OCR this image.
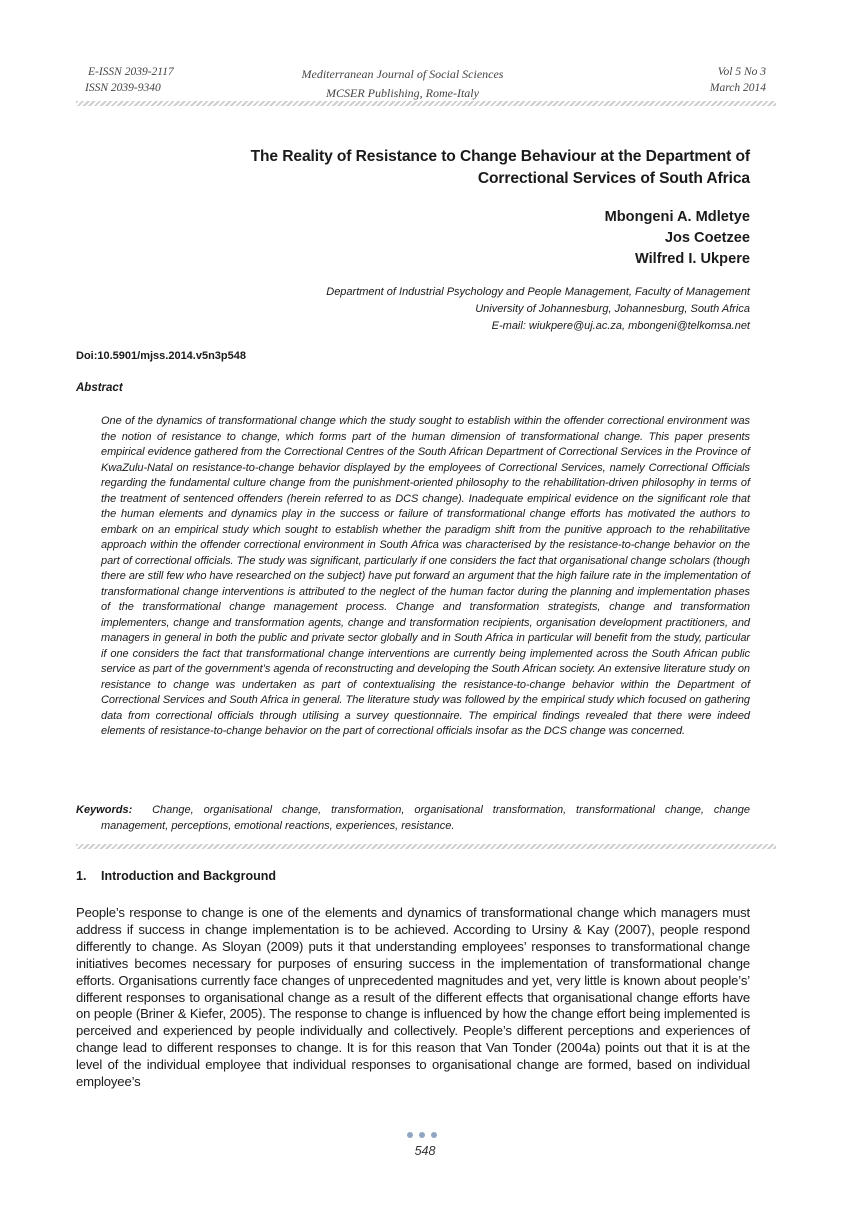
E-ISSN 2039-2117
ISSN 2039-9340
Mediterranean Journal of Social Sciences
MCSER Publishing, Rome-Italy
Vol 5 No 3
March 2014
The Reality of Resistance to Change Behaviour at the Department of
Correctional Services of South Africa
Mbongeni A. Mdletye
Jos Coetzee
Wilfred I. Ukpere
Department of Industrial Psychology and People Management, Faculty of Management
University of Johannesburg, Johannesburg, South Africa
E-mail: wiukpere@uj.ac.za, mbongeni@telkomsa.net
Doi:10.5901/mjss.2014.v5n3p548
Abstract
One of the dynamics of transformational change which the study sought to establish within the offender correctional environment was the notion of resistance to change, which forms part of the human dimension of transformational change. This paper presents empirical evidence gathered from the Correctional Centres of the South African Department of Correctional Services in the Province of KwaZulu-Natal on resistance-to-change behavior displayed by the employees of Correctional Services, namely Correctional Officials regarding the fundamental culture change from the punishment-oriented philosophy to the rehabilitation-driven philosophy in terms of the treatment of sentenced offenders (herein referred to as DCS change). Inadequate empirical evidence on the significant role that the human elements and dynamics play in the success or failure of transformational change efforts has motivated the authors to embark on an empirical study which sought to establish whether the paradigm shift from the punitive approach to the rehabilitative approach within the offender correctional environment in South Africa was characterised by the resistance-to-change behavior on the part of correctional officials. The study was significant, particularly if one considers the fact that organisational change scholars (though there are still few who have researched on the subject) have put forward an argument that the high failure rate in the implementation of transformational change interventions is attributed to the neglect of the human factor during the planning and implementation phases of the transformational change management process. Change and transformation strategists, change and transformation implementers, change and transformation agents, change and transformation recipients, organisation development practitioners, and managers in general in both the public and private sector globally and in South Africa in particular will benefit from the study, particular if one considers the fact that transformational change interventions are currently being implemented across the South African public service as part of the government’s agenda of reconstructing and developing the South African society. An extensive literature study on resistance to change was undertaken as part of contextualising the resistance-to-change behavior within the Department of Correctional Services and South Africa in general. The literature study was followed by the empirical study which focused on gathering data from correctional officials through utilising a survey questionnaire. The empirical findings revealed that there were indeed elements of resistance-to-change behavior on the part of correctional officials insofar as the DCS change was concerned.
Keywords: Change, organisational change, transformation, organisational transformation, transformational change, change management, perceptions, emotional reactions, experiences, resistance.
1. Introduction and Background
People’s response to change is one of the elements and dynamics of transformational change which managers must address if success in change implementation is to be achieved. According to Ursiny & Kay (2007), people respond differently to change. As Sloyan (2009) puts it that understanding employees’ responses to transformational change initiatives becomes necessary for purposes of ensuring success in the implementation of transformational change efforts. Organisations currently face changes of unprecedented magnitudes and yet, very little is known about people’s’ different responses to organisational change as a result of the different effects that organisational change efforts have on people (Briner & Kiefer, 2005). The response to change is influenced by how the change effort being implemented is perceived and experienced by people individually and collectively. People’s different perceptions and experiences of change lead to different responses to change. It is for this reason that Van Tonder (2004a) points out that it is at the level of the individual employee that individual responses to organisational change are formed, based on individual employee’s
548
